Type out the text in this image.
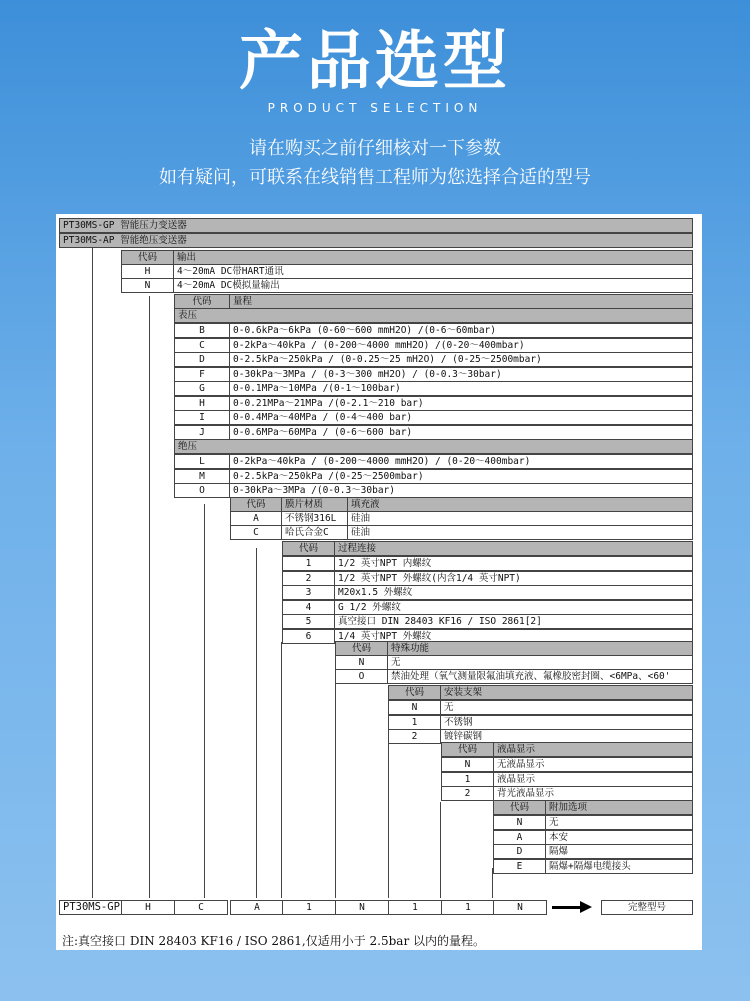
产品选型
PRODUCT SELECTION
请在购买之前仔细核对一下参数
如有疑问，可联系在线销售工程师为您选择合适的型号
PT30MS-GP 智能压力变送器
PT30MS-AP 智能绝压变送器
代码	输出
H	4～20mA DC带HART通讯
N	4～20mA DC模拟量输出
代码	量程
表压
B	0-0.6kPa～6kPa (0-60～600 mmH2O) /(0-6～60mbar)
C	0-2kPa～40kPa / (0-200～4000 mmH2O) /(0-20～400mbar)
D	0-2.5kPa～250kPa / (0-0.25～25 mH2O) / (0-25～2500mbar)
F	0-30kPa～3MPa / (0-3～300 mH2O) / (0-0.3～30bar)
G	0-0.1MPa～10MPa /(0-1～100bar)
H	0-0.21MPa～21MPa /(0-2.1～210 bar)
I	0-0.4MPa～40MPa / (0-4～400 bar)
J	0-0.6MPa～60MPa / (0-6～600 bar)
绝压
L	0-2kPa～40kPa / (0-200～4000 mmH2O) / (0-20～400mbar)
M	0-2.5kPa～250kPa /(0-25～2500mbar)
O	0-30kPa～3MPa /(0-0.3～30bar)
代码	膜片材质	填充液
A	不锈钢316L	硅油
C	哈氏合金C	硅油
代码	过程连接
1	1/2 英寸NPT 内螺纹
2	1/2 英寸NPT 外螺纹(内含1/4 英寸NPT)
3	M20x1.5 外螺纹
4	G 1/2 外螺纹
5	真空接口 DIN 28403 KF16 / ISO 2861[2]
6	1/4 英寸NPT 外螺纹
代码	特殊功能
N	无
O	禁油处理（氧气测量限氟油填充液、氟橡胶密封圈、<6MPa、<60'
代码	安装支架
N	无
1	不锈钢
2	镀锌碳钢
代码	液晶显示
N	无液晶显示
1	液晶显示
2	背光液晶显示
代码	附加选项
N	无
A	本安
D	隔爆
E	隔爆+隔爆电缆接头
PT30MS-GP	H	C	A	1	N	1	1	N	完整型号
注:真空接口 DIN 28403 KF16 / ISO 2861,仅适用小于 2.5bar 以内的量程。
